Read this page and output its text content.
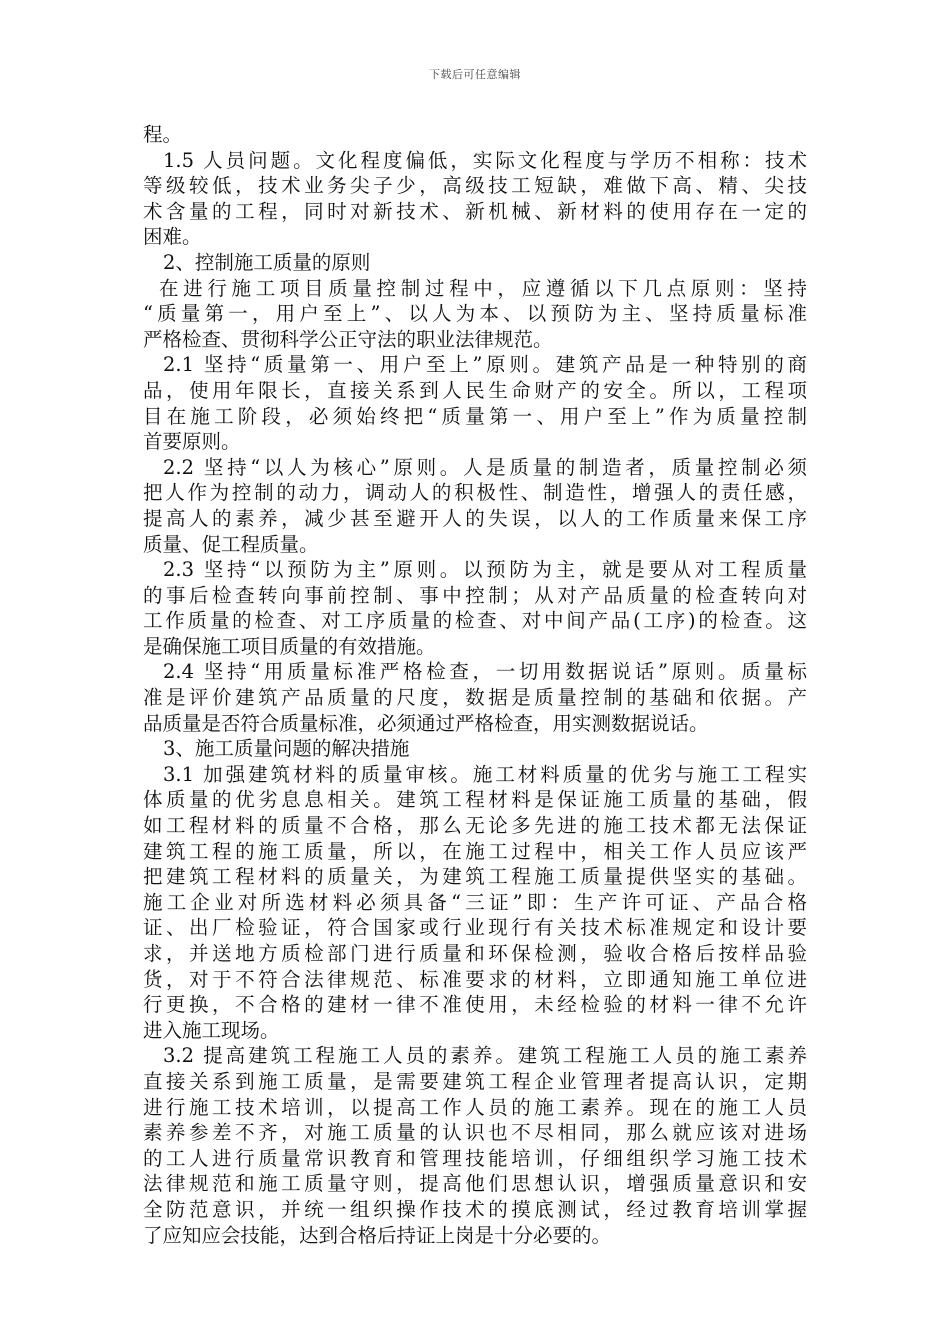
下载后可任意编辑
程。
1.5 人员问题。文化程度偏低，实际文化程度与学历不相称：技术
等级较低，技术业务尖子少，高级技工短缺，难做下高、精、尖技
术含量的工程，同时对新技术、新机械、新材料的使用存在一定的
困难。
2、控制施工质量的原则
在进行施工项目质量控制过程中，应遵循以下几点原则：坚持
“质量第一，用户至上”、以人为本、以预防为主、坚持质量标准
严格检查、贯彻科学公正守法的职业法律规范。
2.1 坚持“质量第一、用户至上”原则。建筑产品是一种特别的商
品，使用年限长，直接关系到人民生命财产的安全。所以，工程项
目在施工阶段，必须始终把“质量第一、用户至上”作为质量控制
首要原则。
2.2 坚持“以人为核心”原则。人是质量的制造者，质量控制必须
把人作为控制的动力，调动人的积极性、制造性，增强人的责任感，
提高人的素养，减少甚至避开人的失误，以人的工作质量来保工序
质量、促工程质量。
2.3 坚持“以预防为主”原则。以预防为主，就是要从对工程质量
的事后检查转向事前控制、事中控制；从对产品质量的检查转向对
工作质量的检查、对工序质量的检查、对中间产品(工序)的检查。这
是确保施工项目质量的有效措施。
2.4 坚持“用质量标准严格检查，一切用数据说话”原则。质量标
准是评价建筑产品质量的尺度，数据是质量控制的基础和依据。产
品质量是否符合质量标准，必须通过严格检查，用实测数据说话。
3、施工质量问题的解决措施
3.1 加强建筑材料的质量审核。施工材料质量的优劣与施工工程实
体质量的优劣息息相关。建筑工程材料是保证施工质量的基础，假
如工程材料的质量不合格，那么无论多先进的施工技术都无法保证
建筑工程的施工质量，所以，在施工过程中，相关工作人员应该严
把建筑工程材料的质量关，为建筑工程施工质量提供坚实的基础。
施工企业对所选材料必须具备“三证”即：生产许可证、产品合格
证、出厂检验证，符合国家或行业现行有关技术标准规定和设计要
求，并送地方质检部门进行质量和环保检测，验收合格后按样品验
货，对于不符合法律规范、标准要求的材料，立即通知施工单位进
行更换，不合格的建材一律不准使用，未经检验的材料一律不允许
进入施工现场。
3.2 提高建筑工程施工人员的素养。建筑工程施工人员的施工素养
直接关系到施工质量，是需要建筑工程企业管理者提高认识，定期
进行施工技术培训，以提高工作人员的施工素养。现在的施工人员
素养参差不齐，对施工质量的认识也不尽相同，那么就应该对进场
的工人进行质量常识教育和管理技能培训，仔细组织学习施工技术
法律规范和施工质量守则，提高他们思想认识，增强质量意识和安
全防范意识，并统一组织操作技术的摸底测试，经过教育培训掌握
了应知应会技能，达到合格后持证上岗是十分必要的。
